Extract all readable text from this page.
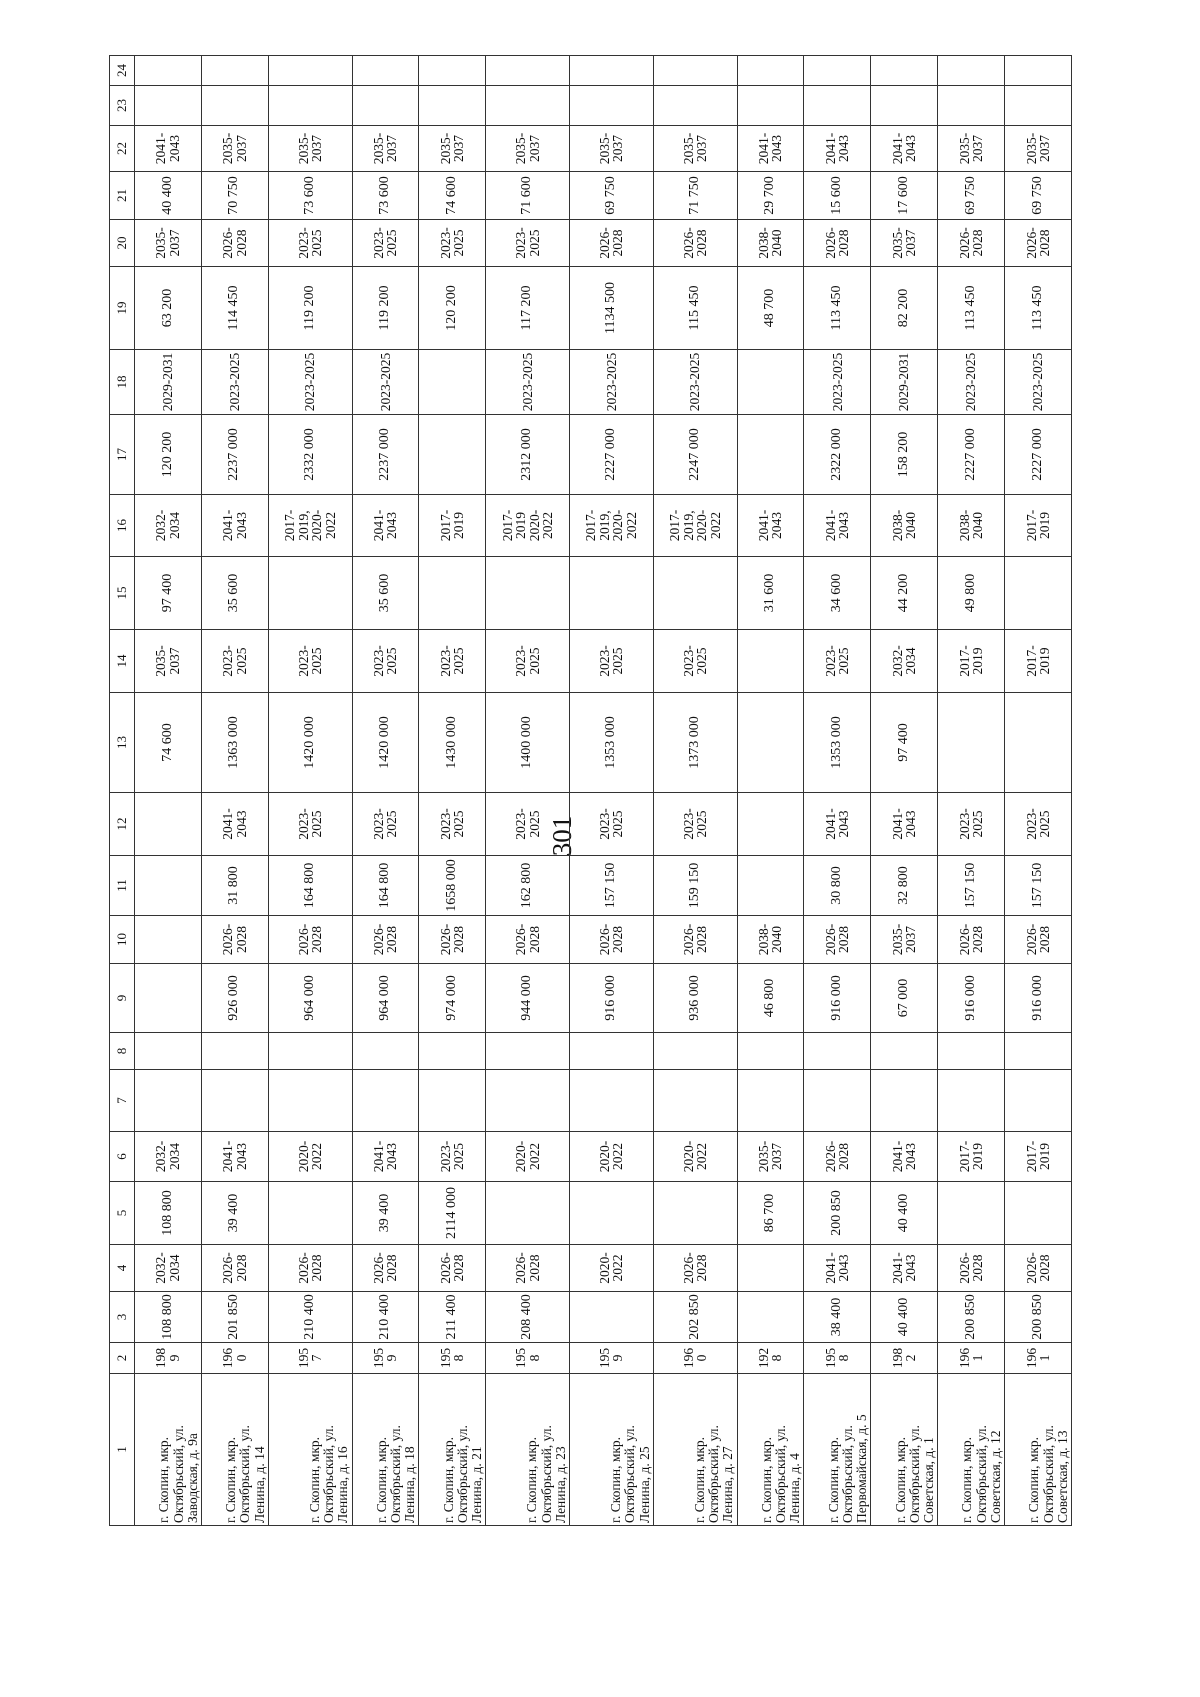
301
1	2	3	4	5	6	7	8	9	10	11	12	13	14	15	16	17	18	19	20	21	22	23	24
г. Скопин, мкр. Октябрьский, ул. Заводская, д. 9а	1989	108 800	2032-2034	108 800	2032-2034							74 600	2035-2037	97 400	2032-2034	120 200	2029-2031	63 200	2035-2037	40 400	2041-2043		
г. Скопин, мкр. Октябрьский, ул. Ленина, д. 14	1960	201 850	2026-2028	39 400	2041-2043			926 000	2026-2028	31 800	2041-2043	1363 000	2023-2025	35 600	2041-2043	2237 000	2023-2025	114 450	2026-2028	70 750	2035-2037		
г. Скопин, мкр. Октябрьский, ул. Ленина, д. 16	1957	210 400	2026-2028		2020-2022			964 000	2026-2028	164 800	2023-2025	1420 000	2023-2025		2017-2019, 2020-2022	2332 000	2023-2025	119 200	2023-2025	73 600	2035-2037		
г. Скопин, мкр. Октябрьский, ул. Ленина, д. 18	1959	210 400	2026-2028	39 400	2041-2043			964 000	2026-2028	164 800	2023-2025	1420 000	2023-2025	35 600	2041-2043	2237 000	2023-2025	119 200	2023-2025	73 600	2035-2037		
г. Скопин, мкр. Октябрьский, ул. Ленина, д. 21	1958	211 400	2026-2028	2114 000	2023-2025			974 000	2026-2028	1658 000	2023-2025	1430 000	2023-2025		2017-2019			120 200	2023-2025	74 600	2035-2037		
г. Скопин, мкр. Октябрьский, ул. Ленина, д. 23	1958	208 400	2026-2028		2020-2022			944 000	2026-2028	162 800	2023-2025	1400 000	2023-2025		2017-2019 2020-2022	2312 000	2023-2025	117 200	2023-2025	71 600	2035-2037		
г. Скопин, мкр. Октябрьский, ул. Ленина, д. 25	1959		2020-2022		2020-2022			916 000	2026-2028	157 150	2023-2025	1353 000	2023-2025		2017-2019, 2020-2022	2227 000	2023-2025	1134 500	2026-2028	69 750	2035-2037		
г. Скопин, мкр. Октябрьский, ул. Ленина, д. 27	1960	202 850	2026-2028		2020-2022			936 000	2026-2028	159 150	2023-2025	1373 000	2023-2025		2017-2019, 2020-2022	2247 000	2023-2025	115 450	2026-2028	71 750	2035-2037		
г. Скопин, мкр. Октябрьский, ул. Ленина, д. 4	1928			86 700	2035-2037			46 800	2038-2040					31 600	2041-2043			48 700	2038-2040	29 700	2041-2043		
г. Скопин, мкр. Октябрьский, ул. Первомайская, д. 5	1958	38 400	2041-2043	200 850	2026-2028			916 000	2026-2028	30 800	2041-2043	1353 000	2023-2025	34 600	2041-2043	2322 000	2023-2025	113 450	2026-2028	15 600	2041-2043		
г. Скопин, мкр. Октябрьский, ул. Советская, д. 1	1982	40 400	2041-2043	40 400	2041-2043			67 000	2035-2037	32 800	2041-2043	97 400	2032-2034	44 200	2038-2040	158 200	2029-2031	82 200	2035-2037	17 600	2041-2043		
г. Скопин, мкр. Октябрьский, ул. Советская, д. 12	1961	200 850	2026-2028		2017-2019			916 000	2026-2028	157 150	2023-2025		2017-2019	49 800	2038-2040	2227 000	2023-2025	113 450	2026-2028	69 750	2035-2037		
г. Скопин, мкр. Октябрьский, ул. Советская, д. 13	1961	200 850	2026-2028		2017-2019			916 000	2026-2028	157 150	2023-2025		2017-2019		2017-2019	2227 000	2023-2025	113 450	2026-2028	69 750	2035-2037		
